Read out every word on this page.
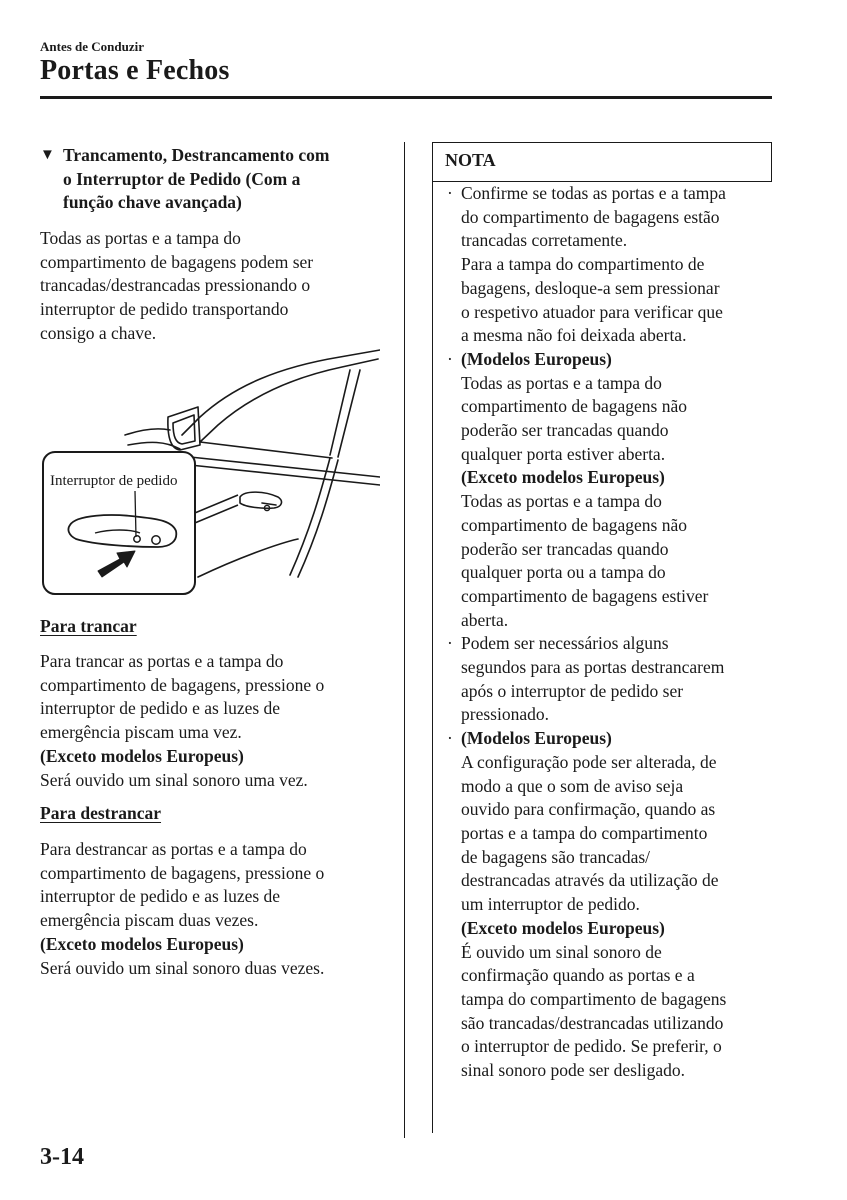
Antes de Conduzir
Portas e Fechos
▼ Trancamento, Destrancamento com
o Interruptor de Pedido (Com a
função chave avançada)
Todas as portas e a tampa do
compartimento de bagagens podem ser
trancadas/destrancadas pressionando o
interruptor de pedido transportando
consigo a chave.
Interruptor de pedido
Para trancar
Para trancar as portas e a tampa do
compartimento de bagagens, pressione o
interruptor de pedido e as luzes de
emergência piscam uma vez.
(Exceto modelos Europeus)
Será ouvido um sinal sonoro uma vez.
Para destrancar
Para destrancar as portas e a tampa do
compartimento de bagagens, pressione o
interruptor de pedido e as luzes de
emergência piscam duas vezes.
(Exceto modelos Europeus)
Será ouvido um sinal sonoro duas vezes.
NOTA
· Confirme se todas as portas e a tampa
do compartimento de bagagens estão
trancadas corretamente.
Para a tampa do compartimento de
bagagens, desloque-a sem pressionar
o respetivo atuador para verificar que
a mesma não foi deixada aberta.
· (Modelos Europeus)
Todas as portas e a tampa do
compartimento de bagagens não
poderão ser trancadas quando
qualquer porta estiver aberta.
(Exceto modelos Europeus)
Todas as portas e a tampa do
compartimento de bagagens não
poderão ser trancadas quando
qualquer porta ou a tampa do
compartimento de bagagens estiver
aberta.
· Podem ser necessários alguns
segundos para as portas destrancarem
após o interruptor de pedido ser
pressionado.
· (Modelos Europeus)
A configuração pode ser alterada, de
modo a que o som de aviso seja
ouvido para confirmação, quando as
portas e a tampa do compartimento
de bagagens são trancadas/
destrancadas através da utilização de
um interruptor de pedido.
(Exceto modelos Europeus)
É ouvido um sinal sonoro de
confirmação quando as portas e a
tampa do compartimento de bagagens
são trancadas/destrancadas utilizando
o interruptor de pedido. Se preferir, o
sinal sonoro pode ser desligado.
3-14
